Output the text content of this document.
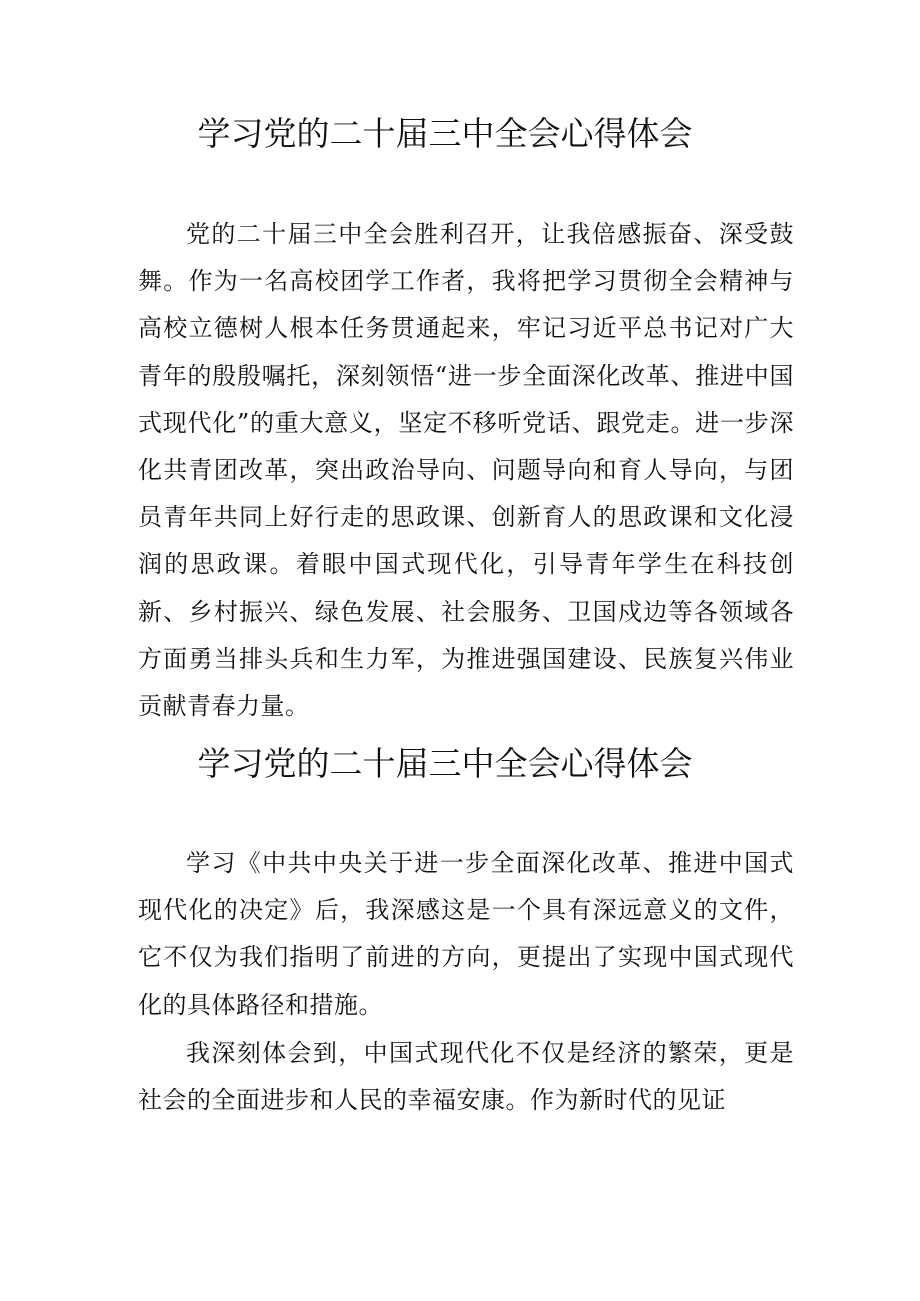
学习党的二十届三中全会心得体会

党的二十届三中全会胜利召开，让我倍感振奋、深受鼓舞。作为一名高校团学工作者，我将把学习贯彻全会精神与高校立德树人根本任务贯通起来，牢记习近平总书记对广大青年的殷殷嘱托，深刻领悟“进一步全面深化改革、推进中国式现代化”的重大意义，坚定不移听党话、跟党走。进一步深化共青团改革，突出政治导向、问题导向和育人导向，与团员青年共同上好行走的思政课、创新育人的思政课和文化浸润的思政课。着眼中国式现代化，引导青年学生在科技创新、乡村振兴、绿色发展、社会服务、卫国戍边等各领域各方面勇当排头兵和生力军，为推进强国建设、民族复兴伟业贡献青春力量。

学习党的二十届三中全会心得体会

学习《中共中央关于进一步全面深化改革、推进中国式现代化的决定》后，我深感这是一个具有深远意义的文件，它不仅为我们指明了前进的方向，更提出了实现中国式现代化的具体路径和措施。

我深刻体会到，中国式现代化不仅是经济的繁荣，更是社会的全面进步和人民的幸福安康。作为新时代的见证
